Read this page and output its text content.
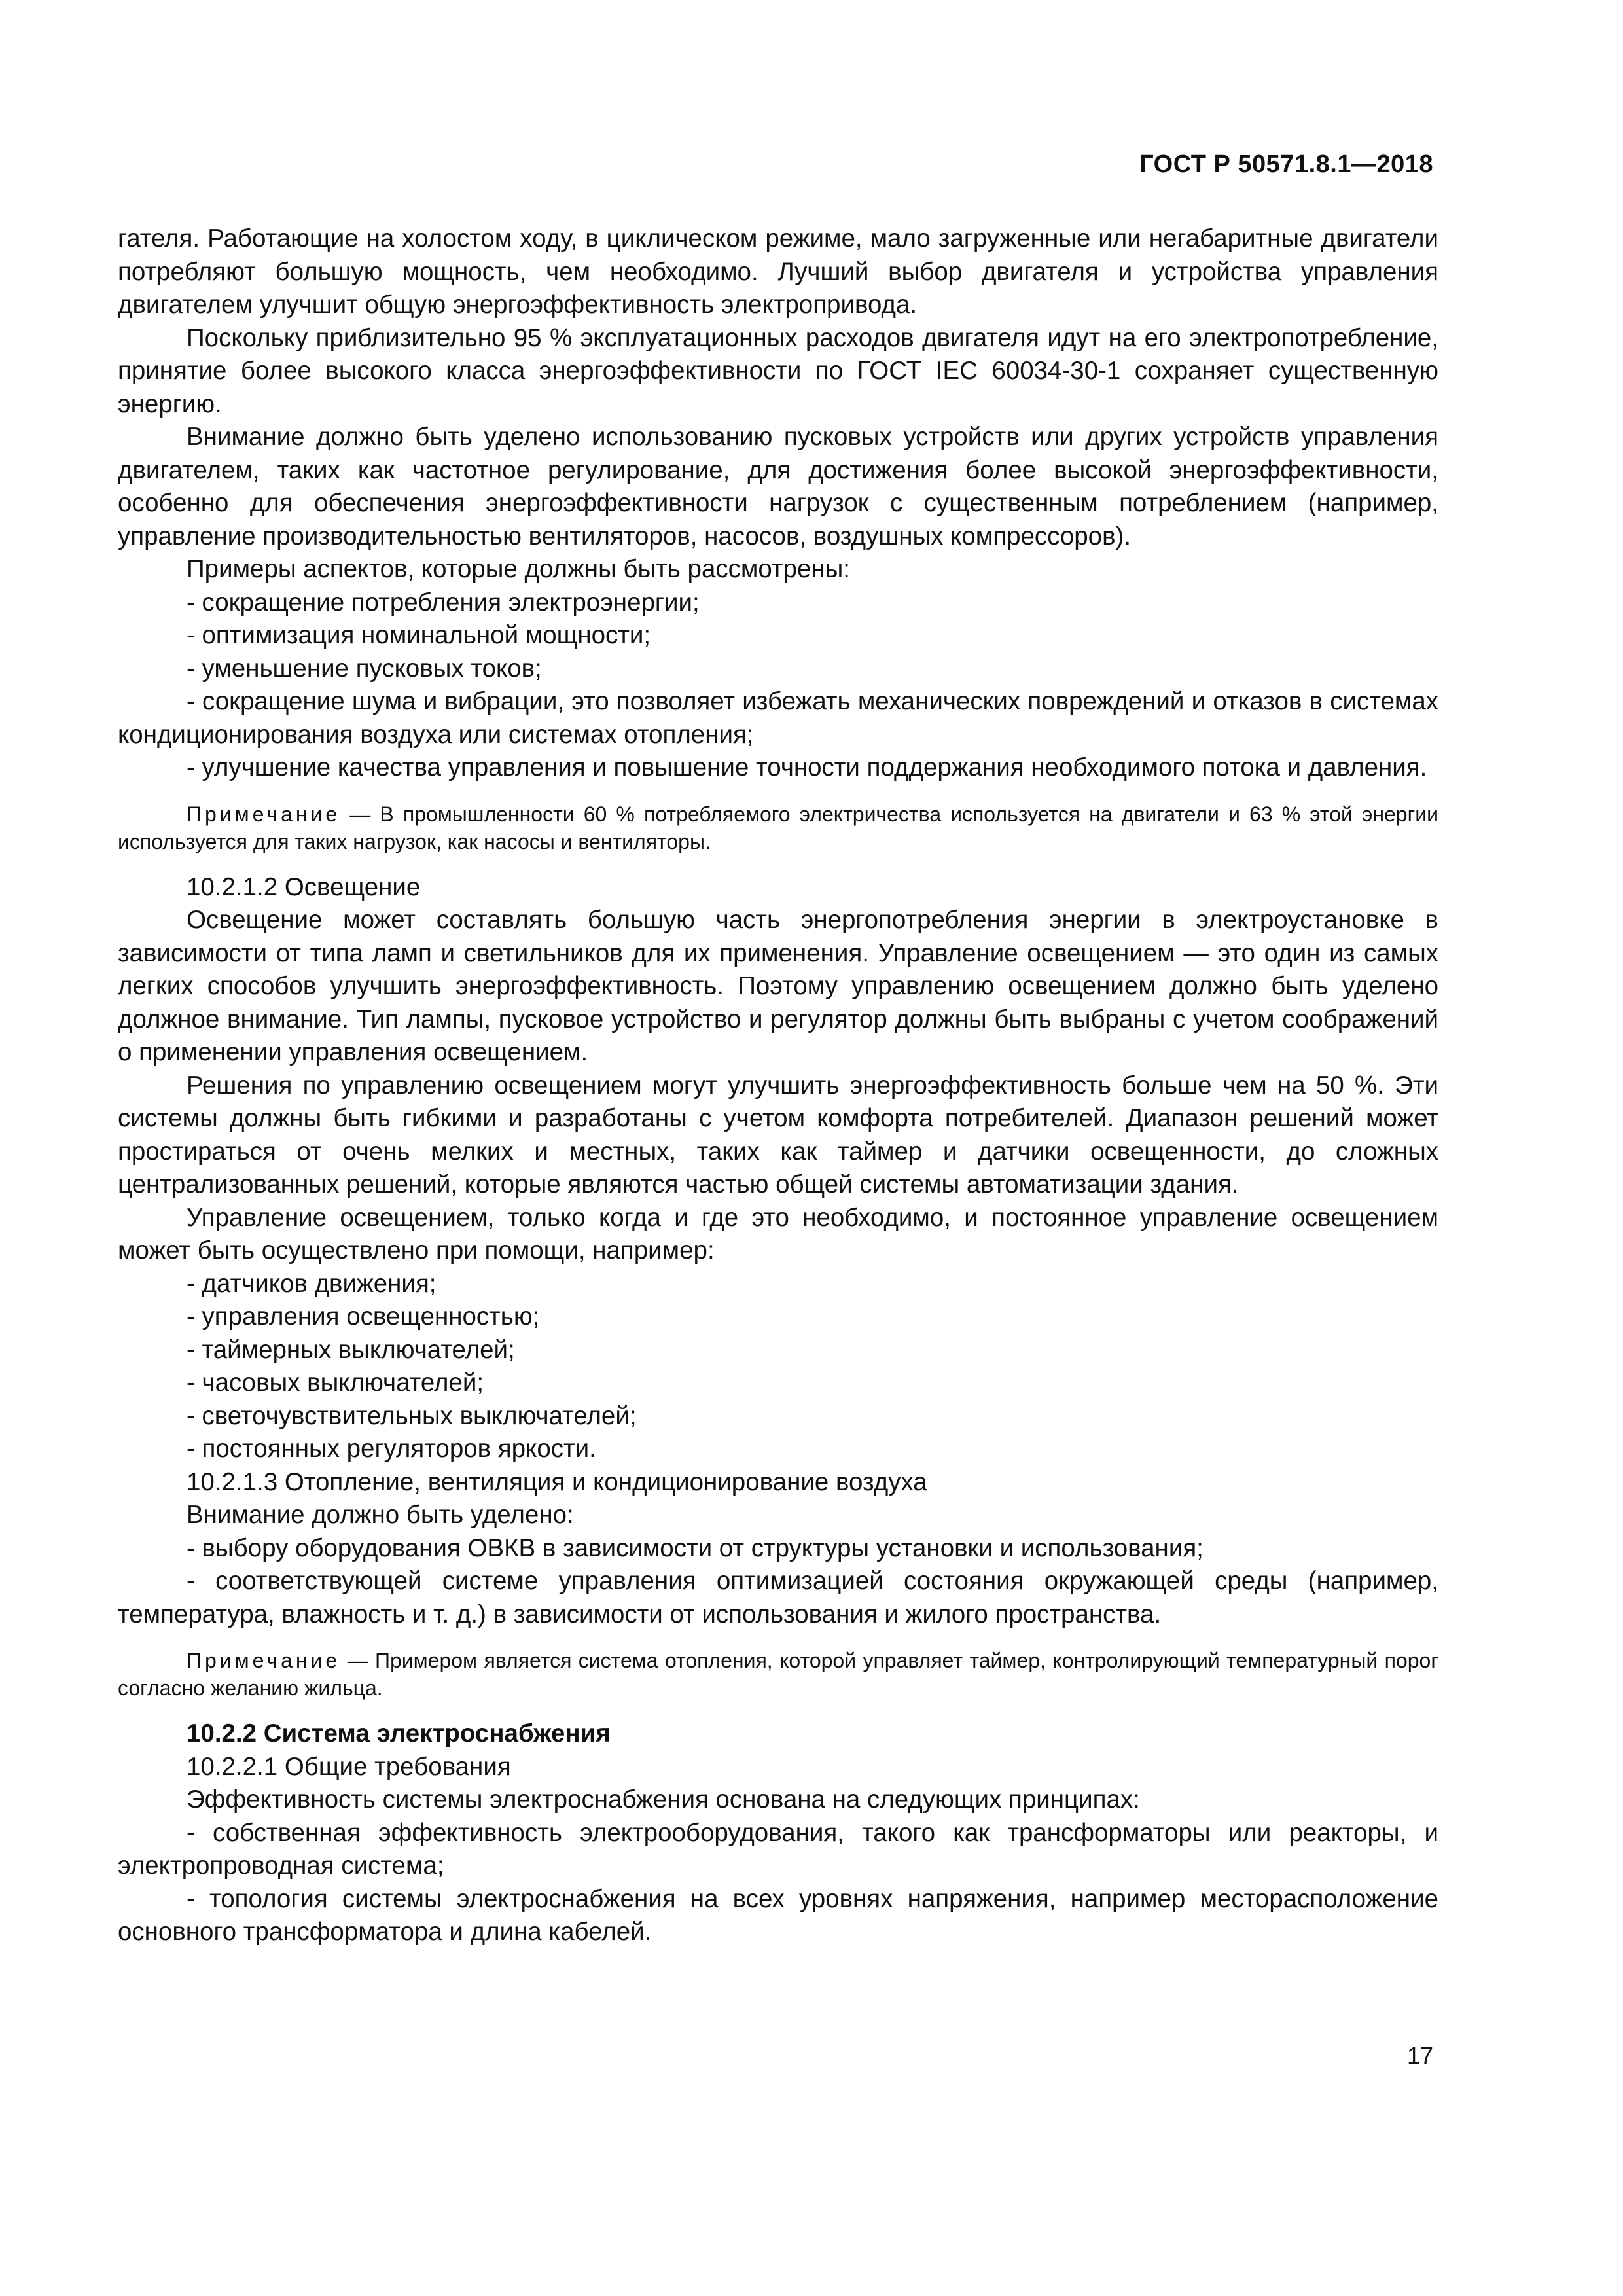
ГОСТ Р 50571.8.1—2018

гателя. Работающие на холостом ходу, в циклическом режиме, мало загруженные или негабаритные двигатели потребляют большую мощность, чем необходимо. Лучший выбор двигателя и устройства управления двигателем улучшит общую энергоэффективность электропривода.

Поскольку приблизительно 95 % эксплуатационных расходов двигателя идут на его электропотребление, принятие более высокого класса энергоэффективности по ГОСТ IEC 60034-30-1 сохраняет существенную энергию.

Внимание должно быть уделено использованию пусковых устройств или других устройств управления двигателем, таких как частотное регулирование, для достижения более высокой энергоэффективности, особенно для обеспечения энергоэффективности нагрузок с существенным потреблением (например, управление производительностью вентиляторов, насосов, воздушных компрессоров).

Примеры аспектов, которые должны быть рассмотрены:

- сокращение потребления электроэнергии;

- оптимизация номинальной мощности;

- уменьшение пусковых токов;

- сокращение шума и вибрации, это позволяет избежать механических повреждений и отказов в системах кондиционирования воздуха или системах отопления;

- улучшение качества управления и повышение точности поддержания необходимого потока и давления.

Примечание — В промышленности 60 % потребляемого электричества используется на двигатели и 63 % этой энергии используется для таких нагрузок, как насосы и вентиляторы.

10.2.1.2 Освещение

Освещение может составлять большую часть энергопотребления энергии в электроустановке в зависимости от типа ламп и светильников для их применения. Управление освещением — это один из самых легких способов улучшить энергоэффективность. Поэтому управлению освещением должно быть уделено должное внимание. Тип лампы, пусковое устройство и регулятор должны быть выбраны с учетом соображений о применении управления освещением.

Решения по управлению освещением могут улучшить энергоэффективность больше чем на 50 %. Эти системы должны быть гибкими и разработаны с учетом комфорта потребителей. Диапазон решений может простираться от очень мелких и местных, таких как таймер и датчики освещенности, до сложных централизованных решений, которые являются частью общей системы автоматизации здания.

Управление освещением, только когда и где это необходимо, и постоянное управление освещением может быть осуществлено при помощи, например:

- датчиков движения;

- управления освещенностью;

- таймерных выключателей;

- часовых выключателей;

- светочувствительных выключателей;

- постоянных регуляторов яркости.

10.2.1.3 Отопление, вентиляция и кондиционирование воздуха

Внимание должно быть уделено:

- выбору оборудования ОВКВ в зависимости от структуры установки и использования;

- соответствующей системе управления оптимизацией состояния окружающей среды (например, температура, влажность и т. д.) в зависимости от использования и жилого пространства.

Примечание — Примером является система отопления, которой управляет таймер, контролирующий температурный порог согласно желанию жильца.

10.2.2 Система электроснабжения

10.2.2.1 Общие требования

Эффективность системы электроснабжения основана на следующих принципах:

- собственная эффективность электрооборудования, такого как трансформаторы или реакторы, и электропроводная система;

- топология системы электроснабжения на всех уровнях напряжения, например месторасположение основного трансформатора и длина кабелей.

17
